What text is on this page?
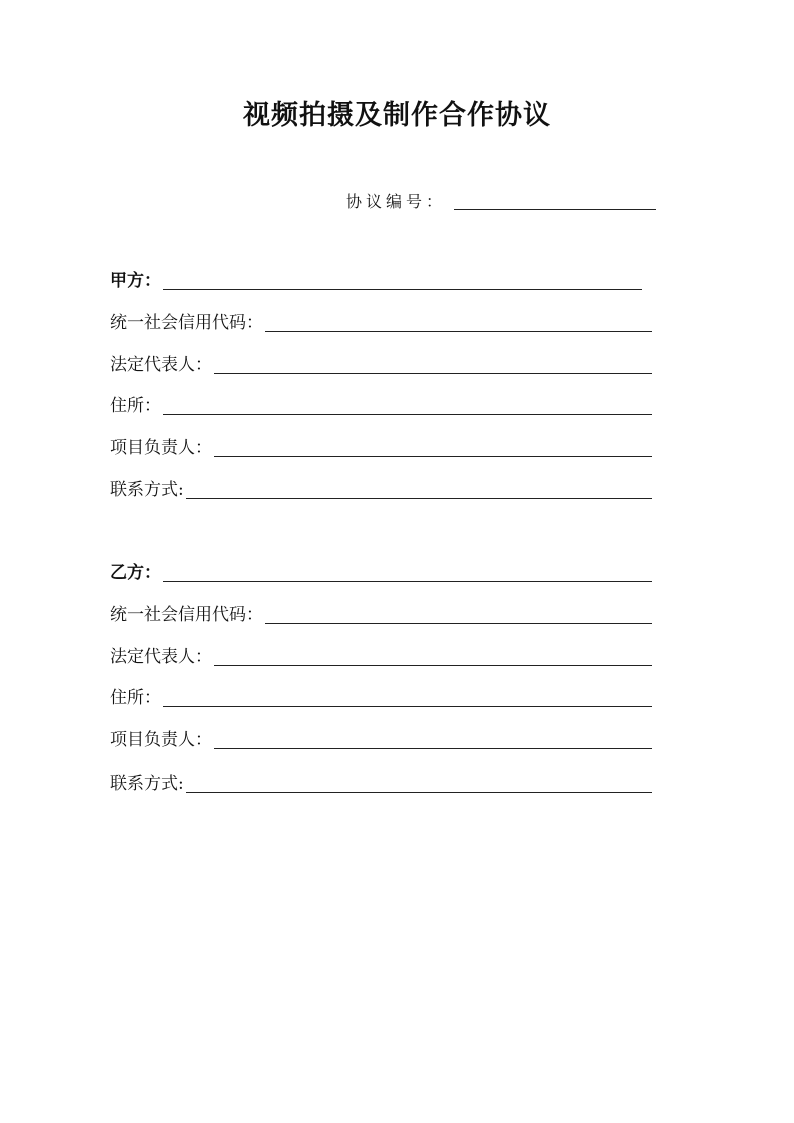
视频拍摄及制作合作协议
协议编号：
甲方：
统一社会信用代码：
法定代表人：
住所：
项目负责人：
联系方式:
乙方：
统一社会信用代码：
法定代表人：
住所：
项目负责人：
联系方式:
